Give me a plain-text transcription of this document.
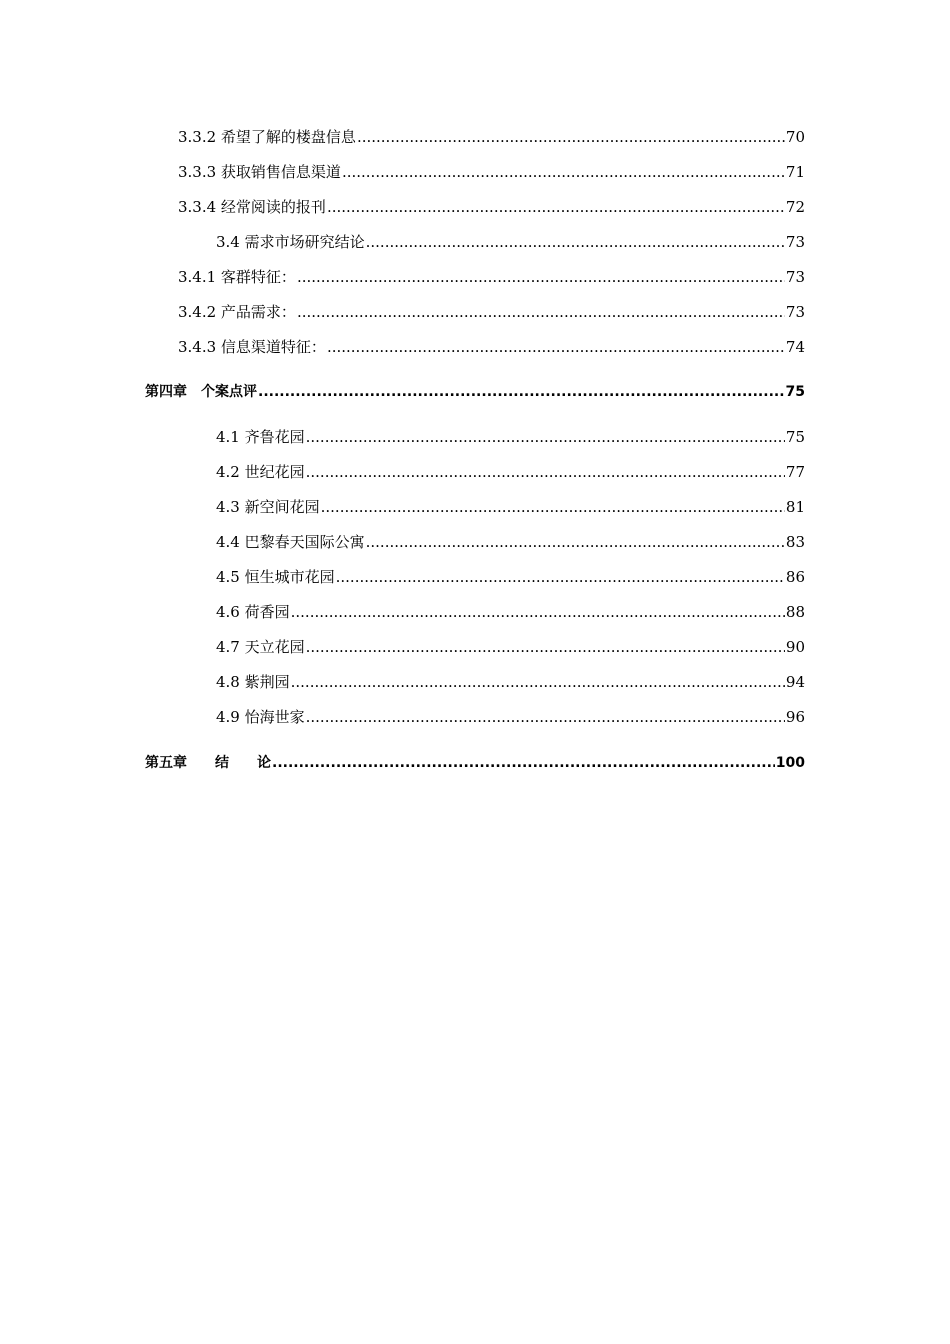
3.3.2 希望了解的楼盘信息 .....	70
3.3.3 获取销售信息渠道 .....	71
3.3.4 经常阅读的报刊 .....	72
3.4 需求市场研究结论 .....	73
3.4.1 客群特征： .....	73
3.4.2 产品需求： .....	73
3.4.3 信息渠道特征： .....	74
第四章　个案点评 .....	75
4.1 齐鲁花园 .....	75
4.2 世纪花园 .....	77
4.3 新空间花园 .....	81
4.4 巴黎春天国际公寓 .....	83
4.5 恒生城市花园 .....	86
4.6 荷香园 .....	88
4.7 天立花园 .....	90
4.8 紫荆园 .....	94
4.9 怡海世家 .....	96
第五章　　结　　论 .....	100
